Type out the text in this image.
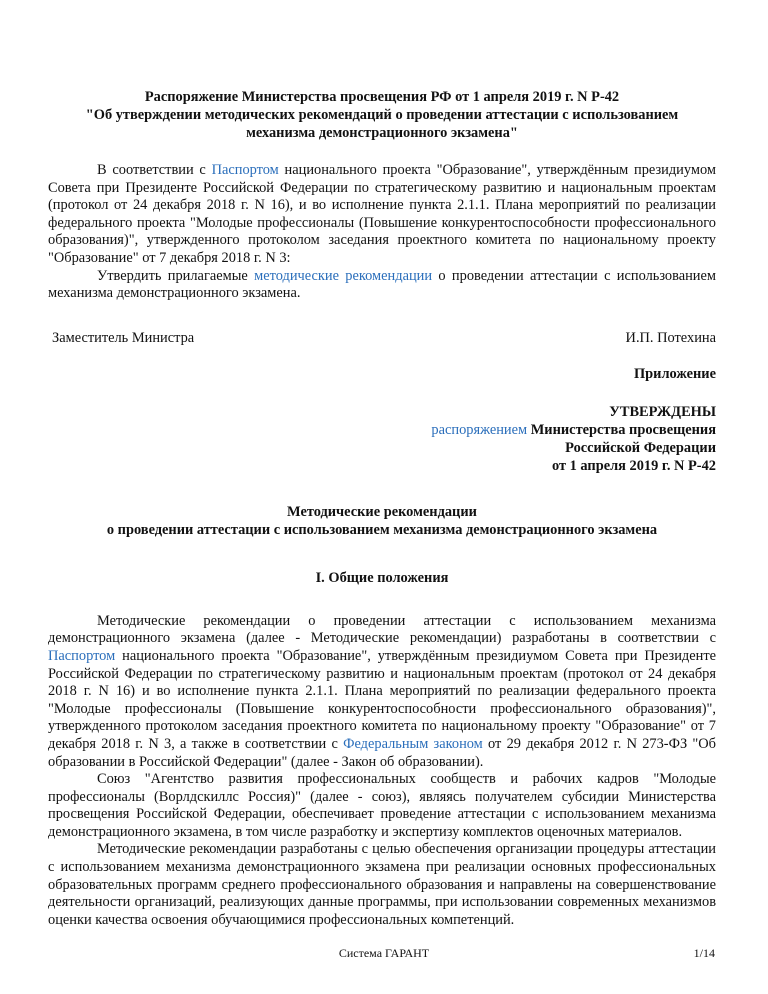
Распоряжение Министерства просвещения РФ от 1 апреля 2019 г. N Р-42
"Об утверждении методических рекомендаций о проведении аттестации с использованием
механизма демонстрационного экзамена"

В соответствии с Паспортом национального проекта "Образование", утверждённым президиумом Совета при Президенте Российской Федерации по стратегическому развитию и национальным проектам (протокол от 24 декабря 2018 г. N 16), и во исполнение пункта 2.1.1. Плана мероприятий по реализации федерального проекта "Молодые профессионалы (Повышение конкурентоспособности профессионального образования)", утвержденного протоколом заседания проектного комитета по национальному проекту "Образование" от 7 декабря 2018 г. N 3:

Утвердить прилагаемые методические рекомендации о проведении аттестации с использованием механизма демонстрационного экзамена.

Заместитель Министра	И.П. Потехина
Приложение
УТВЕРЖДЕНЫ
распоряжением Министерства просвещения
Российской Федерации
от 1 апреля 2019 г. N Р-42
Методические рекомендации
о проведении аттестации с использованием механизма демонстрационного экзамена
I. Общие положения

Методические рекомендации о проведении аттестации с использованием механизма демонстрационного экзамена (далее - Методические рекомендации) разработаны в соответствии с Паспортом национального проекта "Образование", утверждённым президиумом Совета при Президенте Российской Федерации по стратегическому развитию и национальным проектам (протокол от 24 декабря 2018 г. N 16) и во исполнение пункта 2.1.1. Плана мероприятий по реализации федерального проекта "Молодые профессионалы (Повышение конкурентоспособности профессионального образования)", утвержденного протоколом заседания проектного комитета по национальному проекту "Образование" от 7 декабря 2018 г. N 3, а также в соответствии с Федеральным законом от 29 декабря 2012 г. N 273-ФЗ "Об образовании в Российской Федерации" (далее - Закон об образовании).

Союз "Агентство развития профессиональных сообществ и рабочих кадров "Молодые профессионалы (Ворлдскиллс Россия)" (далее - союз), являясь получателем субсидии Министерства просвещения Российской Федерации, обеспечивает проведение аттестации с использованием механизма демонстрационного экзамена, в том числе разработку и экспертизу комплектов оценочных материалов.

Методические рекомендации разработаны с целью обеспечения организации процедуры аттестации с использованием механизма демонстрационного экзамена при реализации основных профессиональных образовательных программ среднего профессионального образования и направлены на совершенствование деятельности организаций, реализующих данные программы, при использовании современных механизмов оценки качества освоения обучающимися профессиональных компетенций.

Система ГАРАНТ	1/14
